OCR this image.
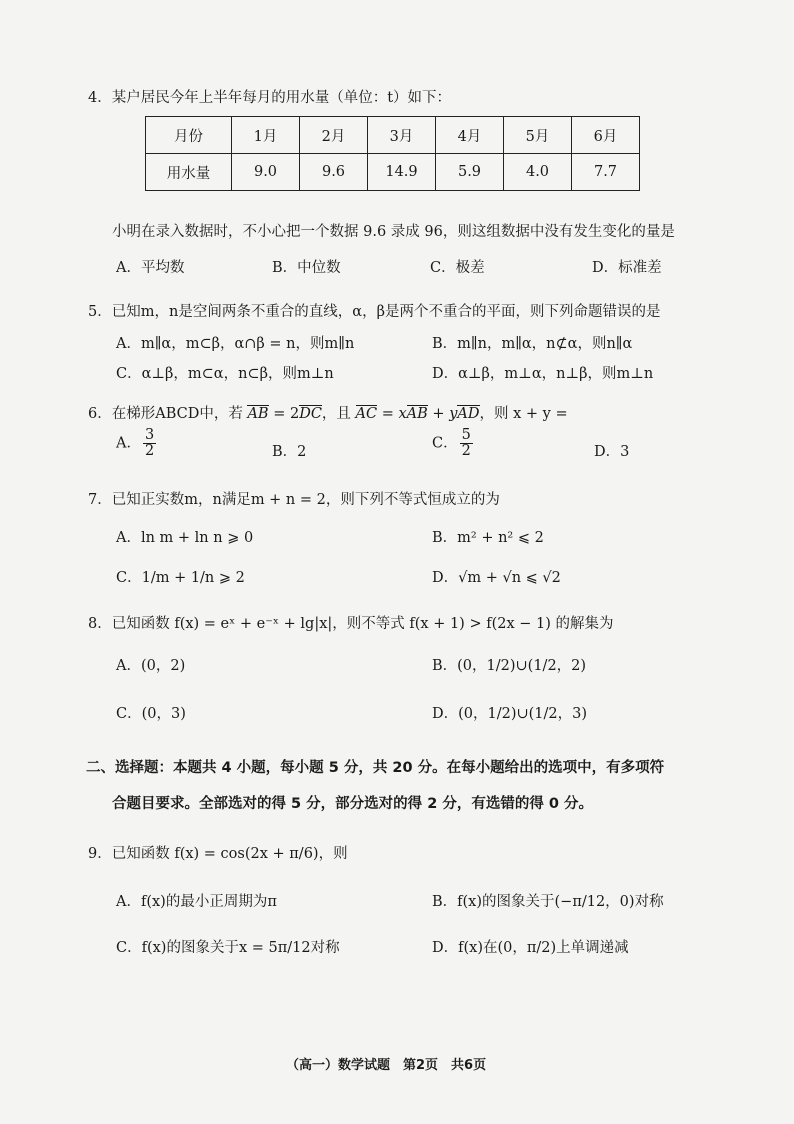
4．某户居民今年上半年每月的用水量（单位：t）如下：
月份	1月	2月	3月	4月	5月	6月
用水量	9.0	9.6	14.9	5.9	4.0	7.7
小明在录入数据时，不小心把一个数据 9.6 录成 96，则这组数据中没有发生变化的量是
A．平均数	B．中位数	C．极差	D．标准差
5．已知m，n是空间两条不重合的直线，α，β是两个不重合的平面，则下列命题错误的是
A．m∥α，m⊂β，α∩β = n，则m∥n	B．m∥n，m∥α，n⊄α，则n∥α
C．α⊥β，m⊂α，n⊂β，则m⊥n	D．α⊥β，m⊥α，n⊥β，则m⊥n
6．在梯形ABCD中，若 AB = 2DC，且 AC = xAB + yAD，则 x + y =
A． $\frac{3}{2}$	B．2
C． $\frac{5}{2}$	D．3
7．已知正实数m，n满足m + n = 2，则下列不等式恒成立的为
A．ln m + ln n ⩾ 0	B．m² + n² ⩽ 2
C．1/m + 1/n ⩾ 2	D．√m + √n ⩽ √2
8．已知函数 f(x) = eˣ + e⁻ˣ + lg|x|，则不等式 f(x + 1) > f(2x − 1) 的解集为
A．(0，2)	B．(0，1/2)∪(1/2，2)
C．(0，3)	D．(0，1/2)∪(1/2，3)
二、选择题：本题共 4 小题，每小题 5 分，共 20 分。在每小题给出的选项中，有多项符
合题目要求。全部选对的得 5 分，部分选对的得 2 分，有选错的得 0 分。
9．已知函数 f(x) = cos(2x + π/6)，则
A．f(x)的最小正周期为π	B．f(x)的图象关于(−π/12，0)对称
C．f(x)的图象关于x = 5π/12对称	D．f(x)在(0，π/2)上单调递减
（高一）数学试题　第2页　共6页
